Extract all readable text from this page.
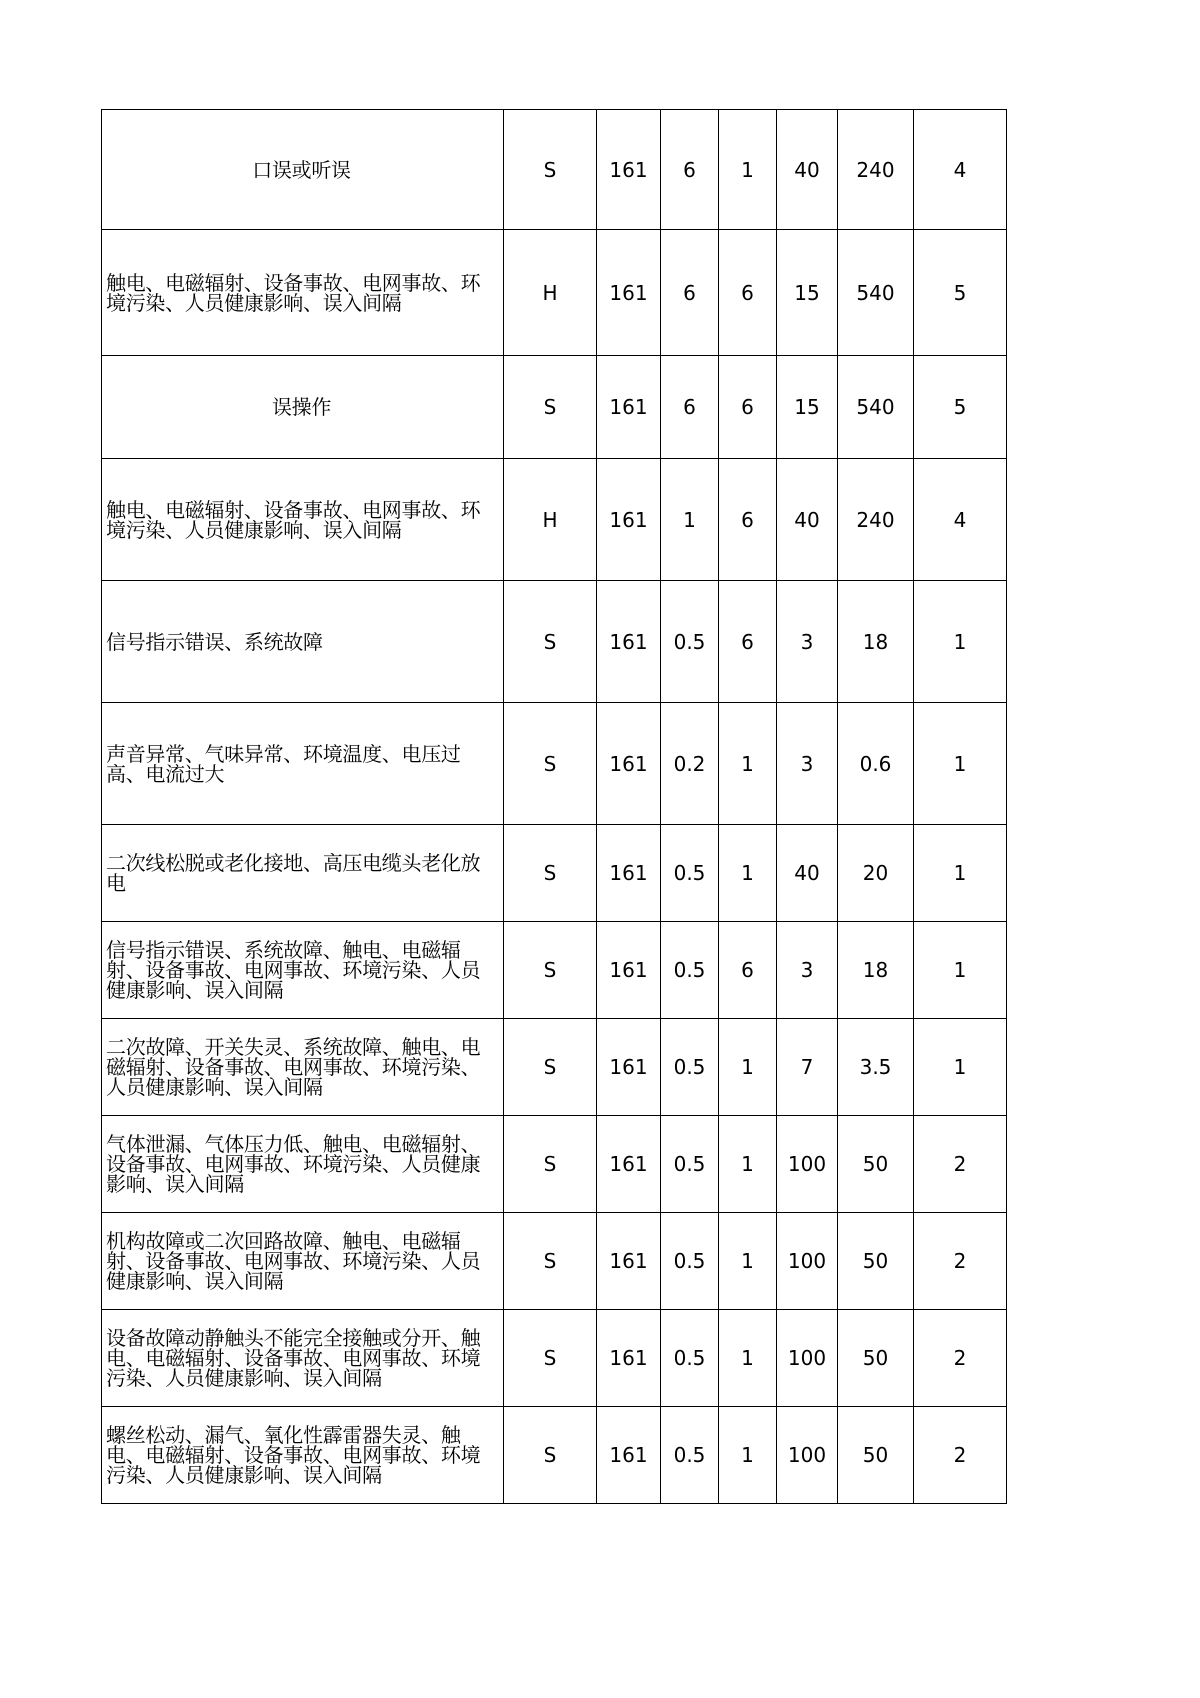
口误或听误	S	161	6	1	40	240	4
触电、电磁辐射、设备事故、电网事故、环境污染、人员健康影响、误入间隔	H	161	6	6	15	540	5
误操作	S	161	6	6	15	540	5
触电、电磁辐射、设备事故、电网事故、环境污染、人员健康影响、误入间隔	H	161	1	6	40	240	4
信号指示错误、系统故障	S	161	0.5	6	3	18	1
声音异常、气味异常、环境温度、电压过高、电流过大	S	161	0.2	1	3	0.6	1
二次线松脱或老化接地、高压电缆头老化放电	S	161	0.5	1	40	20	1
信号指示错误、系统故障、触电、电磁辐射、设备事故、电网事故、环境污染、人员健康影响、误入间隔	S	161	0.5	6	3	18	1
二次故障、开关失灵、系统故障、触电、电磁辐射、设备事故、电网事故、环境污染、人员健康影响、误入间隔	S	161	0.5	1	7	3.5	1
气体泄漏、气体压力低、触电、电磁辐射、设备事故、电网事故、环境污染、人员健康影响、误入间隔	S	161	0.5	1	100	50	2
机构故障或二次回路故障、触电、电磁辐射、设备事故、电网事故、环境污染、人员健康影响、误入间隔	S	161	0.5	1	100	50	2
设备故障动静触头不能完全接触或分开、触电、电磁辐射、设备事故、电网事故、环境污染、人员健康影响、误入间隔	S	161	0.5	1	100	50	2
螺丝松动、漏气、氧化性霹雷器失灵、触电、电磁辐射、设备事故、电网事故、环境污染、人员健康影响、误入间隔	S	161	0.5	1	100	50	2
